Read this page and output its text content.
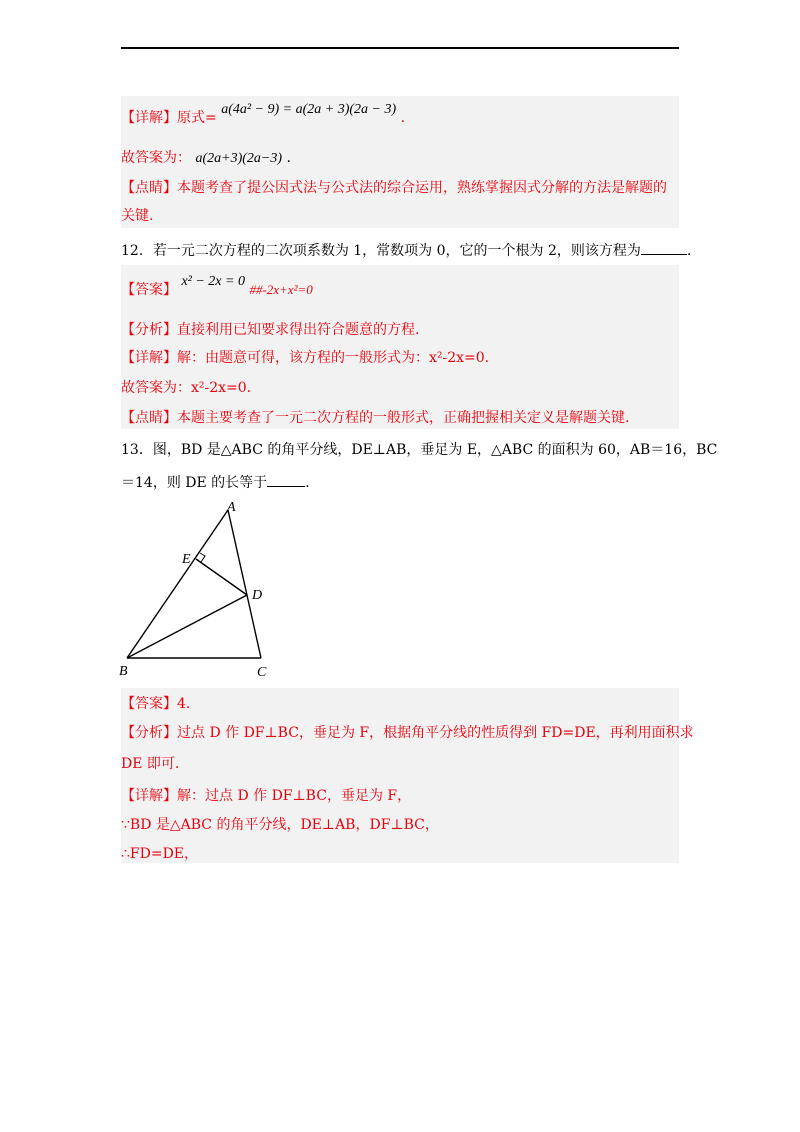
【详解】原式= a(4a² − 9) = a(2a + 3)(2a − 3) .
故答案为： a(2a+3)(2a−3) .
【点睛】本题考查了提公因式法与公式法的综合运用，熟练掌握因式分解的方法是解题的
关键.
12．若一元二次方程的二次项系数为 1，常数项为 0，它的一个根为 2，则该方程为	.
【答案】 x² − 2x = 0 ##-2x+x²=0
【分析】直接利用已知要求得出符合题意的方程.
【详解】解：由题意可得，该方程的一般形式为：x²-2x=0.
故答案为：x²-2x=0.
【点睛】本题主要考查了一元二次方程的一般形式，正确把握相关定义是解题关键.
13．图，BD 是△ABC 的角平分线，DE⊥AB，垂足为 E，△ABC 的面积为 60，AB＝16，BC
＝14，则 DE 的长等于	.
A
B	C
D
E
【答案】4.
【分析】过点 D 作 DF⊥BC，垂足为 F，根据角平分线的性质得到 FD=DE，再利用面积求
DE 即可.
【详解】解：过点 D 作 DF⊥BC，垂足为 F，
∵BD 是△ABC 的角平分线，DE⊥AB，DF⊥BC，
∴FD=DE，
